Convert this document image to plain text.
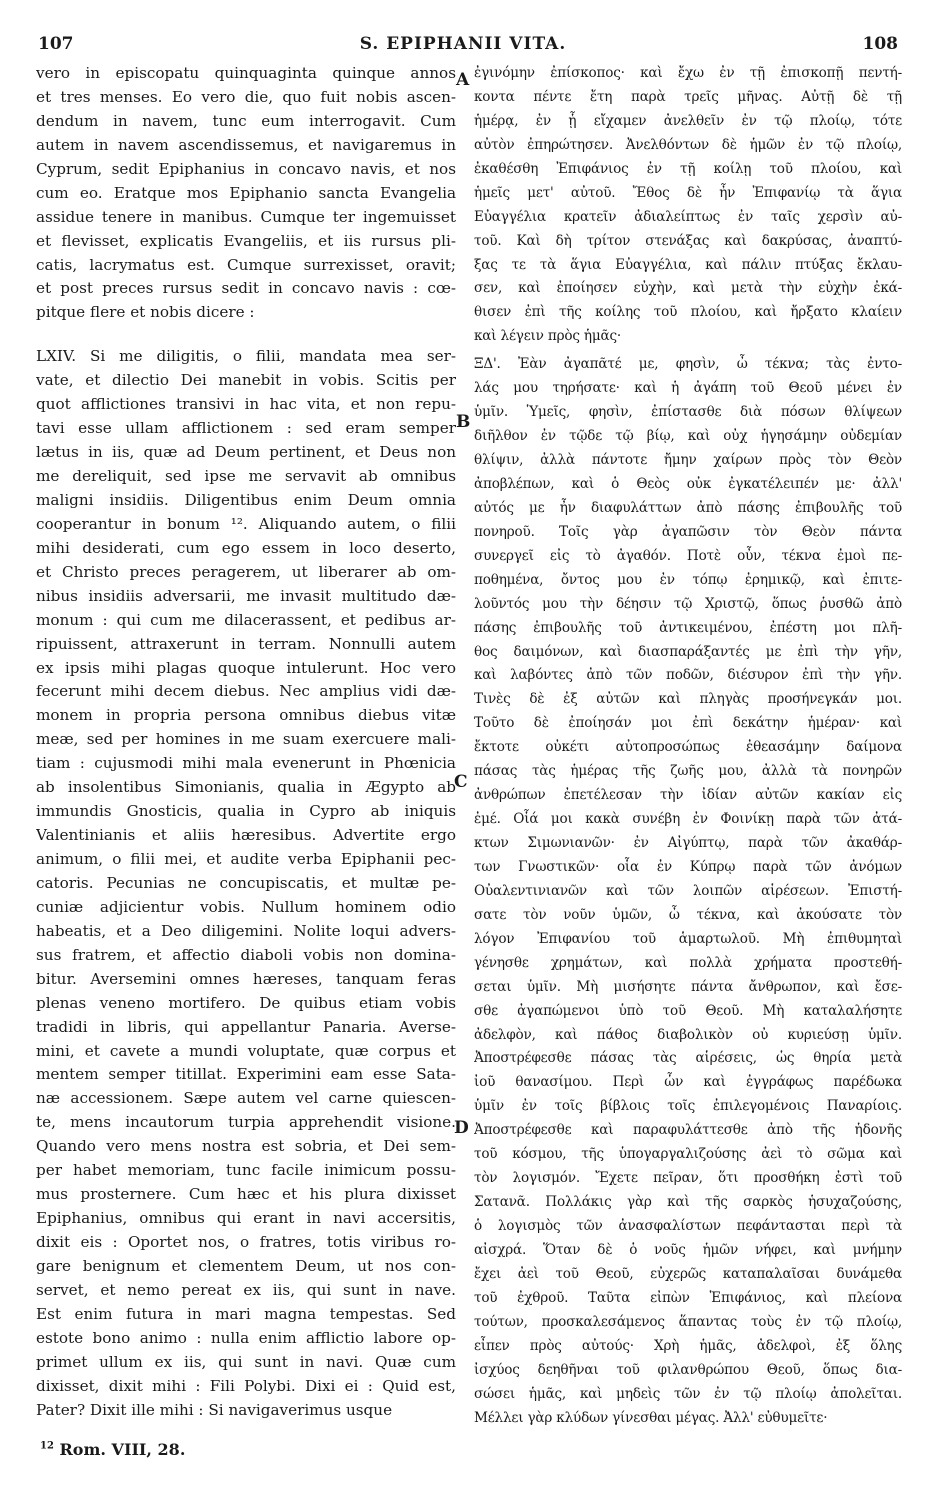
107	S. EPIPHANII VITA.	108
vero in episcopatu quinquaginta quinque annos
et tres menses. Eo vero die, quo fuit nobis ascen-
dendum in navem, tunc eum interrogavit. Cum
autem in navem ascendissemus, et navigaremus in
Cyprum, sedit Epiphanius in concavo navis, et nos
cum eo. Eratque mos Epiphanio sancta Evangelia
assidue tenere in manibus. Cumque ter ingemuisset
et flevisset, explicatis Evangeliis, et iis rursus pli-
catis, lacrymatus est. Cumque surrexisset, oravit;
et post preces rursus sedit in concavo navis : cœ-
pitque flere et nobis dicere :
LXIV. Si me diligitis, o filii, mandata mea ser-
vate, et dilectio Dei manebit in vobis. Scitis per
quot afflictiones transivi in hac vita, et non repu-
tavi esse ullam afflictionem : sed eram semper
lætus in iis, quæ ad Deum pertinent, et Deus non
me dereliquit, sed ipse me servavit ab omnibus
maligni insidiis. Diligentibus enim Deum omnia
cooperantur in bonum ¹². Aliquando autem, o filii
mihi desiderati, cum ego essem in loco deserto,
et Christo preces peragerem, ut liberarer ab om-
nibus insidiis adversarii, me invasit multitudo dæ-
monum : qui cum me dilacerassent, et pedibus ar-
ripuissent, attraxerunt in terram. Nonnulli autem
ex ipsis mihi plagas quoque intulerunt. Hoc vero
fecerunt mihi decem diebus. Nec amplius vidi dæ-
monem in propria persona omnibus diebus vitæ
meæ, sed per homines in me suam exercuere mali-
tiam : cujusmodi mihi mala evenerunt in Phœnicia
ab insolentibus Simonianis, qualia in Ægypto ab
immundis Gnosticis, qualia in Cypro ab iniquis
Valentinianis et aliis hæresibus. Advertite ergo
animum, o filii mei, et audite verba Epiphanii pec-
catoris. Pecunias ne concupiscatis, et multæ pe-
cuniæ adjicientur vobis. Nullum hominem odio
habeatis, et a Deo diligemini. Nolite loqui advers-
sus fratrem, et affectio diaboli vobis non domina-
bitur. Aversemini omnes hæreses, tanquam feras
plenas veneno mortifero. De quibus etiam vobis
tradidi in libris, qui appellantur Panaria. Averse-
mini, et cavete a mundi voluptate, quæ corpus et
mentem semper titillat. Experimini eam esse Sata-
næ accessionem. Sæpe autem vel carne quiescen-
te, mens incautorum turpia apprehendit visione.
Quando vero mens nostra est sobria, et Dei sem-
per habet memoriam, tunc facile inimicum possu-
mus prosternere. Cum hæc et his plura dixisset
Epiphanius, omnibus qui erant in navi accersitis,
dixit eis : Oportet nos, o fratres, totis viribus ro-
gare benignum et clementem Deum, ut nos con-
servet, et nemo pereat ex iis, qui sunt in nave.
Est enim futura in mari magna tempestas. Sed
estote bono animo : nulla enim afflictio labore op-
primet ullum ex iis, qui sunt in navi. Quæ cum
dixisset, dixit mihi : Fili Polybi. Dixi ei : Quid est,
Pater? Dixit ille mihi : Si navigaverimus usque
ἐγινόμην ἐπίσκοπος· καὶ ἔχω ἐν τῇ ἐπισκοπῇ πεντή-
κοντα πέντε ἔτη παρὰ τρεῖς μῆνας. Αὐτῇ δὲ τῇ
ἡμέρᾳ, ἐν ᾗ εἴχαμεν ἀνελθεῖν ἐν τῷ πλοίῳ, τότε
αὐτὸν ἐπηρώτησεν. Ἀνελθόντων δὲ ἡμῶν ἐν τῷ πλοίῳ,
ἐκαθέσθη Ἐπιφάνιος ἐν τῇ κοίλῃ τοῦ πλοίου, καὶ
ἡμεῖς μετ' αὐτοῦ. Ἔθος δὲ ἦν Ἐπιφανίῳ τὰ ἅγια
Εὐαγγέλια κρατεῖν ἀδιαλείπτως ἐν ταῖς χερσὶν αὐ-
τοῦ. Καὶ δὴ τρίτον στενάξας καὶ δακρύσας, ἀναπτύ-
ξας τε τὰ ἅγια Εὐαγγέλια, καὶ πάλιν πτύξας ἔκλαυ-
σεν, καὶ ἐποίησεν εὐχὴν, καὶ μετὰ τὴν εὐχὴν ἐκά-
θισεν ἐπὶ τῆς κοίλης τοῦ πλοίου, καὶ ἤρξατο κλαίειν
καὶ λέγειν πρὸς ἡμᾶς·
ΞΔ'. Ἐὰν ἀγαπᾶτέ με, φησὶν, ὦ τέκνα; τὰς ἐντο-
λάς μου τηρήσατε· καὶ ἡ ἀγάπη τοῦ Θεοῦ μένει ἐν
ὑμῖν. Ὑμεῖς, φησὶν, ἐπίστασθε διὰ πόσων θλίψεων
διῆλθον ἐν τῷδε τῷ βίῳ, καὶ οὐχ ἡγησάμην οὐδεμίαν
θλίψιν, ἀλλὰ πάντοτε ἤμην χαίρων πρὸς τὸν Θεὸν
ἀποβλέπων, καὶ ὁ Θεὸς οὐκ ἐγκατέλειπέν με· ἀλλ'
αὐτός με ἦν διαφυλάττων ἀπὸ πάσης ἐπιβουλῆς τοῦ
πονηροῦ. Τοῖς γὰρ ἀγαπῶσιν τὸν Θεὸν πάντα
συνεργεῖ εἰς τὸ ἀγαθόν. Ποτὲ οὖν, τέκνα ἐμοὶ πε-
ποθημένα, ὄντος μου ἐν τόπῳ ἐρημικῷ, καὶ ἐπιτε-
λοῦντός μου τὴν δέησιν τῷ Χριστῷ, ὅπως ῥυσθῶ ἀπὸ
πάσης ἐπιβουλῆς τοῦ ἀντικειμένου, ἐπέστη μοι πλῆ-
θος δαιμόνων, καὶ διασπαράξαντές με ἐπὶ τὴν γῆν,
καὶ λαβόντες ἀπὸ τῶν ποδῶν, διέσυρον ἐπὶ τὴν γῆν.
Τινὲς δὲ ἐξ αὐτῶν καὶ πληγὰς προσήνεγκάν μοι.
Τοῦτο δὲ ἐποίησάν μοι ἐπὶ δεκάτην ἡμέραν· καὶ
ἔκτοτε οὐκέτι αὐτοπροσώπως ἐθεασάμην δαίμονα
πάσας τὰς ἡμέρας τῆς ζωῆς μου, ἀλλὰ τὰ πονηρῶν
ἀνθρώπων ἐπετέλεσαν τὴν ἰδίαν αὐτῶν κακίαν εἰς
ἐμέ. Οἷά μοι κακὰ συνέβη ἐν Φοινίκῃ παρὰ τῶν ἀτά-
κτων Σιμωνιανῶν· ἐν Αἰγύπτῳ, παρὰ τῶν ἀκαθάρ-
των Γνωστικῶν· οἷα ἐν Κύπρῳ παρὰ τῶν ἀνόμων
Οὐαλεντινιανῶν καὶ τῶν λοιπῶν αἱρέσεων. Ἐπιστή-
σατε τὸν νοῦν ὑμῶν, ὦ τέκνα, καὶ ἀκούσατε τὸν
λόγον Ἐπιφανίου τοῦ ἁμαρτωλοῦ. Μὴ ἐπιθυμηταὶ
γένησθε χρημάτων, καὶ πολλὰ χρήματα προστεθή-
σεται ὑμῖν. Μὴ μισήσητε πάντα ἄνθρωπον, καὶ ἔσε-
σθε ἀγαπώμενοι ὑπὸ τοῦ Θεοῦ. Μὴ καταλαλήσητε
ἀδελφὸν, καὶ πάθος διαβολικὸν οὐ κυριεύσῃ ὑμῖν.
Ἀποστρέφεσθε πάσας τὰς αἱρέσεις, ὡς θηρία μετὰ
ἰοῦ θανασίμου. Περὶ ὧν καὶ ἐγγράφως παρέδωκα
ὑμῖν ἐν τοῖς βίβλοις τοῖς ἐπιλεγομένοις Παναρίοις.
Ἀποστρέφεσθε καὶ παραφυλάττεσθε ἀπὸ τῆς ἡδονῆς
τοῦ κόσμου, τῆς ὑπογαργαλιζούσης ἀεὶ τὸ σῶμα καὶ
τὸν λογισμόν. Ἔχετε πεῖραν, ὅτι προσθήκη ἐστὶ τοῦ
Σατανᾶ. Πολλάκις γὰρ καὶ τῆς σαρκὸς ἡσυχαζούσης,
ὁ λογισμὸς τῶν ἀνασφαλίστων πεφάντασται περὶ τὰ
αἰσχρά. Ὅταν δὲ ὁ νοῦς ἡμῶν νήφει, καὶ μνήμην
ἔχει ἀεὶ τοῦ Θεοῦ, εὐχερῶς καταπαλαῖσαι δυνάμεθα
τοῦ ἐχθροῦ. Ταῦτα εἰπὼν Ἐπιφάνιος, καὶ πλείονα
τούτων, προσκαλεσάμενος ἅπαντας τοὺς ἐν τῷ πλοίῳ,
εἶπεν πρὸς αὐτούς· Χρὴ ἡμᾶς, ἀδελφοὶ, ἐξ ὅλης
ἰσχύος δεηθῆναι τοῦ φιλανθρώπου Θεοῦ, ὅπως δια-
σώσει ἡμᾶς, καὶ μηδεὶς τῶν ἐν τῷ πλοίῳ ἀπολεῖται.
Μέλλει γὰρ κλύδων γίνεσθαι μέγας. Ἀλλ' εὐθυμεῖτε·
A
B
C
D
$^{12}$ Rom. VIII, 28.
